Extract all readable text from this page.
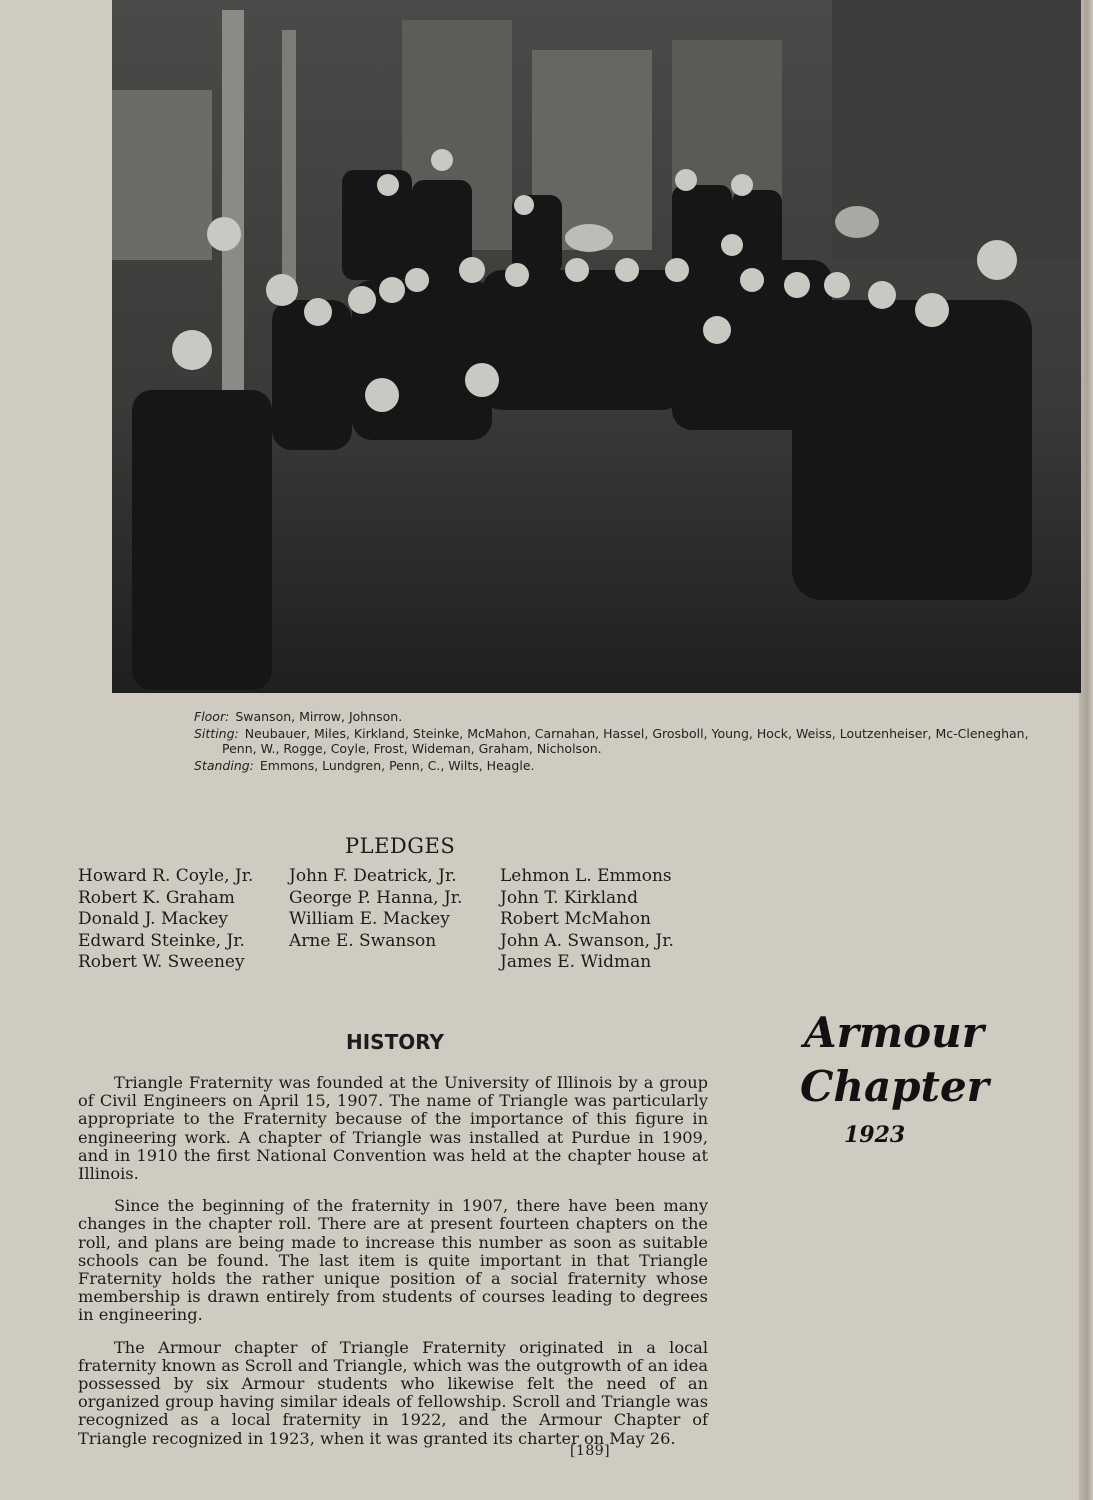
Floor: Swanson, Mirrow, Johnson.
Sitting: Neubauer, Miles, Kirkland, Steinke, McMahon, Carnahan, Hassel, Grosboll, Young, Hock, Weiss, Loutzenheiser, Mc-Cleneghan, Penn, W., Rogge, Coyle, Frost, Wideman, Graham, Nicholson.
Standing: Emmons, Lundgren, Penn, C., Wilts, Heagle.
PLEDGES
Howard R. Coyle, Jr.
Robert K. Graham
Donald J. Mackey
Edward Steinke, Jr.
Robert W. Sweeney
John F. Deatrick, Jr.
George P. Hanna, Jr.
William E. Mackey
Arne E. Swanson
Lehmon L. Emmons
John T. Kirkland
Robert McMahon
John A. Swanson, Jr.
James E. Widman
HISTORY

Triangle Fraternity was founded at the University of Illinois by a group of Civil Engineers on April 15, 1907. The name of Triangle was particularly appropriate to the Fraternity because of the importance of this figure in engineering work. A chapter of Triangle was installed at Purdue in 1909, and in 1910 the first National Convention was held at the chapter house at Illinois.

Since the beginning of the fraternity in 1907, there have been many changes in the chapter roll. There are at present fourteen chapters on the roll, and plans are being made to increase this number as soon as suitable schools can be found. The last item is quite important in that Triangle Fraternity holds the rather unique position of a social fraternity whose membership is drawn entirely from students of courses leading to degrees in engineering.

The Armour chapter of Triangle Fraternity originated in a local fraternity known as Scroll and Triangle, which was the outgrowth of an idea possessed by six Armour students who likewise felt the need of an organized group having similar ideals of fellowship. Scroll and Triangle was recognized as a local fraternity in 1922, and the Armour Chapter of Triangle recognized in 1923, when it was granted its charter on May 26.

Armour
Chapter
1923
[189]
